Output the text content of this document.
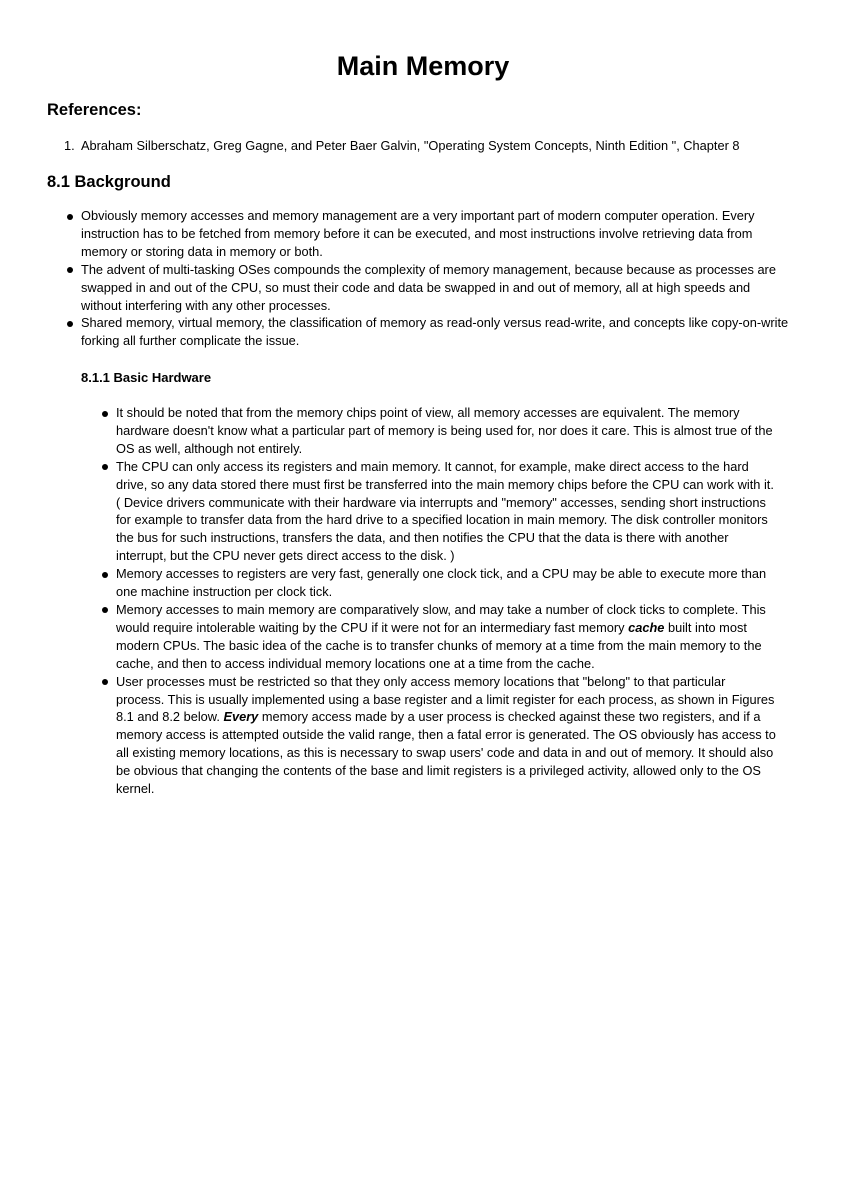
Main Memory
References:
1. Abraham Silberschatz, Greg Gagne, and Peter Baer Galvin, "Operating System Concepts, Ninth Edition ", Chapter 8
8.1 Background
Obviously memory accesses and memory management are a very important part of modern computer operation. Every instruction has to be fetched from memory before it can be executed, and most instructions involve retrieving data from memory or storing data in memory or both.
The advent of multi-tasking OSes compounds the complexity of memory management, because because as processes are swapped in and out of the CPU, so must their code and data be swapped in and out of memory, all at high speeds and without interfering with any other processes.
Shared memory, virtual memory, the classification of memory as read-only versus read-write, and concepts like copy-on-write forking all further complicate the issue.
8.1.1 Basic Hardware
It should be noted that from the memory chips point of view, all memory accesses are equivalent. The memory hardware doesn't know what a particular part of memory is being used for, nor does it care. This is almost true of the OS as well, although not entirely.
The CPU can only access its registers and main memory. It cannot, for example, make direct access to the hard drive, so any data stored there must first be transferred into the main memory chips before the CPU can work with it. ( Device drivers communicate with their hardware via interrupts and "memory" accesses, sending short instructions for example to transfer data from the hard drive to a specified location in main memory. The disk controller monitors the bus for such instructions, transfers the data, and then notifies the CPU that the data is there with another interrupt, but the CPU never gets direct access to the disk. )
Memory accesses to registers are very fast, generally one clock tick, and a CPU may be able to execute more than one machine instruction per clock tick.
Memory accesses to main memory are comparatively slow, and may take a number of clock ticks to complete. This would require intolerable waiting by the CPU if it were not for an intermediary fast memory cache built into most modern CPUs. The basic idea of the cache is to transfer chunks of memory at a time from the main memory to the cache, and then to access individual memory locations one at a time from the cache.
User processes must be restricted so that they only access memory locations that "belong" to that particular process. This is usually implemented using a base register and a limit register for each process, as shown in Figures 8.1 and 8.2 below. Every memory access made by a user process is checked against these two registers, and if a memory access is attempted outside the valid range, then a fatal error is generated. The OS obviously has access to all existing memory locations, as this is necessary to swap users' code and data in and out of memory. It should also be obvious that changing the contents of the base and limit registers is a privileged activity, allowed only to the OS kernel.
